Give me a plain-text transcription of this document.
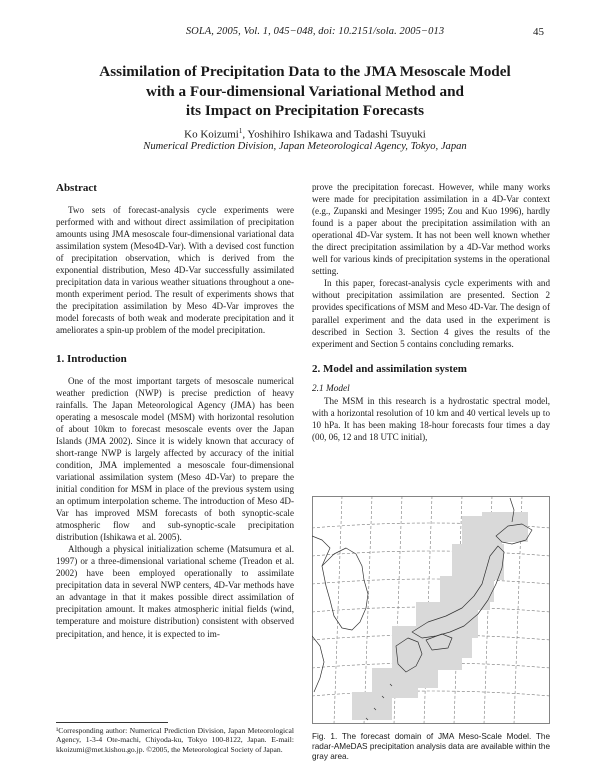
SOLA, 2005, Vol. 1, 045−048, doi: 10.2151/sola. 2005−013	45
Assimilation of Precipitation Data to the JMA Mesoscale Model
with a Four-dimensional Variational Method and
its Impact on Precipitation Forecasts
Ko Koizumi$^1$, Yoshihiro Ishikawa and Tadashi Tsuyuki
Numerical Prediction Division, Japan Meteorological Agency, Tokyo, Japan
Abstract

Two sets of forecast-analysis cycle experiments were performed with and without direct assimilation of precipitation amounts using JMA mesoscale four-dimensional variational data assimilation system (Meso4D-Var). With a devised cost function of precipitation observation, which is derived from the exponential distribution, Meso 4D-Var successfully assimilated precipitation data in various weather situations throughout a one-month experiment period. The result of experiments shows that the precipitation assimilation by Meso 4D-Var improves the model forecasts of both weak and moderate precipitation and it ameliorates a spin-up problem of the model precipitation.

1. Introduction

One of the most important targets of mesoscale numerical weather prediction (NWP) is precise prediction of heavy rainfalls. The Japan Meteorological Agency (JMA) has been operating a mesoscale model (MSM) with horizontal resolution of about 10km to forecast mesoscale events over the Japan Islands (JMA 2002). Since it is widely known that accuracy of short-range NWP is largely affected by accuracy of the initial condition, JMA implemented a mesoscale four-dimensional variational assimilation system (Meso 4D-Var) to prepare the initial condition for MSM in place of the previous system using an optimum interpolation scheme. The introduction of Meso 4D-Var has improved MSM forecasts of both synoptic-scale atmospheric flow and sub-synoptic-scale precipitation distribution (Ishikawa et al. 2005).

Although a physical initialization scheme (Matsumura et al. 1997) or a three-dimensional variational scheme (Treadon et al. 2002) have been employed operationally to assimilate precipitation data in several NWP centers, 4D-Var methods have an advantage in that it makes possible direct assimilation of precipitation amount. It makes atmospheric initial fields (wind, temperature and moisture distribution) consistent with observed precipitation, and hence, it is expected to im-

prove the precipitation forecast. However, while many works were made for precipitation assimilation in a 4D-Var context (e.g., Zupanski and Mesinger 1995; Zou and Kuo 1996), hardly found is a paper about the precipitation assimilation with an operational 4D-Var system. It has not been well known whether the direct precipitation assimilation by a 4D-Var method works well for various kinds of precipitation systems in the operational setting.

In this paper, forecast-analysis cycle experiments with and without precipitation assimilation are presented. Section 2 provides specifications of MSM and Meso 4D-Var. The design of parallel experiment and the data used in the experiment is described in Section 3. Section 4 gives the results of the experiment and Section 5 contains concluding remarks.

2. Model and assimilation system

2.1 Model

The MSM in this research is a hydrostatic spectral model, with a horizontal resolution of 10 km and 40 vertical levels up to 10 hPa. It has been making 18-hour forecasts four times a day (00, 06, 12 and 18 UTC initial),

Fig. 1. The forecast domain of JMA Meso-Scale Model. The radar-AMeDAS precipitation analysis data are available within the gray area.
¹Corresponding author: Numerical Prediction Division, Japan Meteorological Agency, 1-3-4 Ote-machi, Chiyoda-ku, Tokyo 100-8122, Japan. E-mail: kkoizumi@met.kishou.go.jp. ©2005, the Meteorological Society of Japan.
